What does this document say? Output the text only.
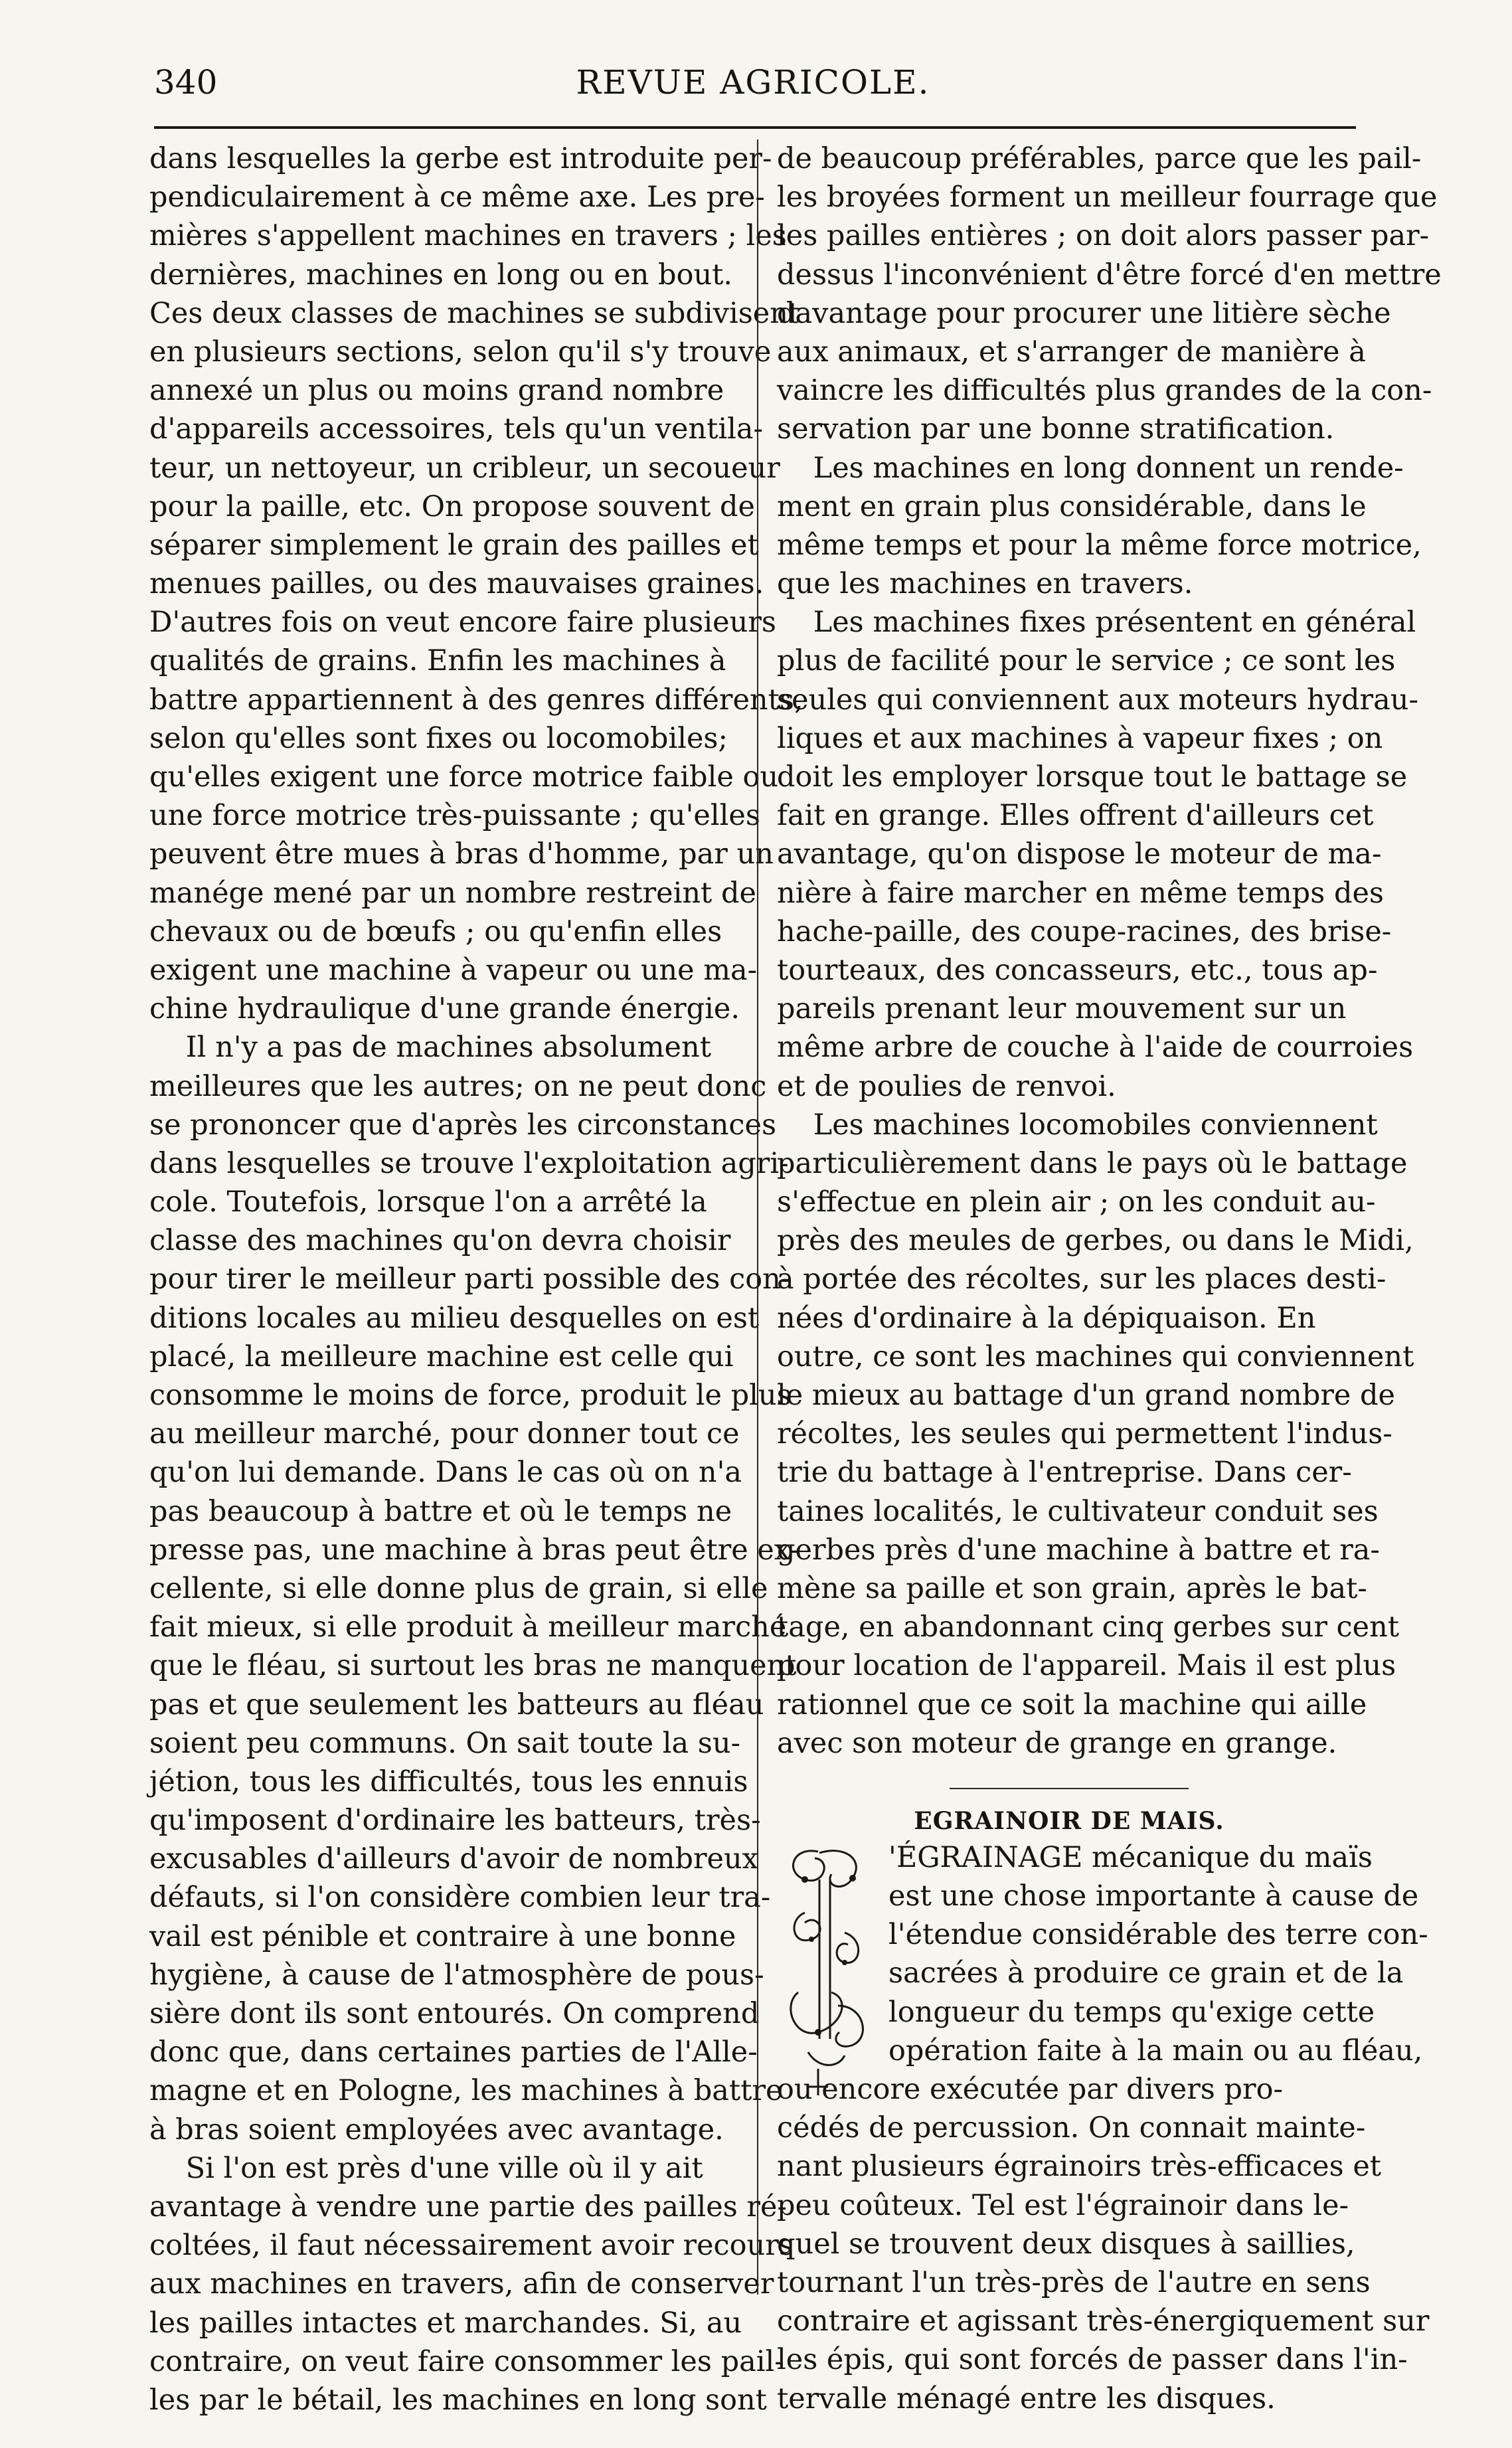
340	REVUE AGRICOLE.
dans lesquelles la gerbe est introduite per-
pendiculairement à ce même axe. Les pre-
mières s'appellent machines en travers ; les
dernières, machines en long ou en bout.
Ces deux classes de machines se subdivisent
en plusieurs sections, selon qu'il s'y trouve
annexé un plus ou moins grand nombre
d'appareils accessoires, tels qu'un ventila-
teur, un nettoyeur, un cribleur, un secoueur
pour la paille, etc. On propose souvent de
séparer simplement le grain des pailles et
menues pailles, ou des mauvaises graines.
D'autres fois on veut encore faire plusieurs
qualités de grains. Enfin les machines à
battre appartiennent à des genres différents,
selon qu'elles sont fixes ou locomobiles;
qu'elles exigent une force motrice faible ou
une force motrice très-puissante ; qu'elles
peuvent être mues à bras d'homme, par un
manége mené par un nombre restreint de
chevaux ou de bœufs ; ou qu'enfin elles
exigent une machine à vapeur ou une ma-
chine hydraulique d'une grande énergie.
Il n'y a pas de machines absolument
meilleures que les autres; on ne peut donc
se prononcer que d'après les circonstances
dans lesquelles se trouve l'exploitation agri-
cole. Toutefois, lorsque l'on a arrêté la
classe des machines qu'on devra choisir
pour tirer le meilleur parti possible des con-
ditions locales au milieu desquelles on est
placé, la meilleure machine est celle qui
consomme le moins de force, produit le plus
au meilleur marché, pour donner tout ce
qu'on lui demande. Dans le cas où on n'a
pas beaucoup à battre et où le temps ne
presse pas, une machine à bras peut être ex-
cellente, si elle donne plus de grain, si elle
fait mieux, si elle produit à meilleur marché
que le fléau, si surtout les bras ne manquent
pas et que seulement les batteurs au fléau
soient peu communs. On sait toute la su-
jétion, tous les difficultés, tous les ennuis
qu'imposent d'ordinaire les batteurs, très-
excusables d'ailleurs d'avoir de nombreux
défauts, si l'on considère combien leur tra-
vail est pénible et contraire à une bonne
hygiène, à cause de l'atmosphère de pous-
sière dont ils sont entourés. On comprend
donc que, dans certaines parties de l'Alle-
magne et en Pologne, les machines à battre
à bras soient employées avec avantage.
Si l'on est près d'une ville où il y ait
avantage à vendre une partie des pailles ré-
coltées, il faut nécessairement avoir recours
aux machines en travers, afin de conserver
les pailles intactes et marchandes. Si, au
contraire, on veut faire consommer les pail-
les par le bétail, les machines en long sont
de beaucoup préférables, parce que les pail-
les broyées forment un meilleur fourrage que
les pailles entières ; on doit alors passer par-
dessus l'inconvénient d'être forcé d'en mettre
davantage pour procurer une litière sèche
aux animaux, et s'arranger de manière à
vaincre les difficultés plus grandes de la con-
servation par une bonne stratification.
Les machines en long donnent un rende-
ment en grain plus considérable, dans le
même temps et pour la même force motrice,
que les machines en travers.
Les machines fixes présentent en général
plus de facilité pour le service ; ce sont les
seules qui conviennent aux moteurs hydrau-
liques et aux machines à vapeur fixes ; on
doit les employer lorsque tout le battage se
fait en grange. Elles offrent d'ailleurs cet
avantage, qu'on dispose le moteur de ma-
nière à faire marcher en même temps des
hache-paille, des coupe-racines, des brise-
tourteaux, des concasseurs, etc., tous ap-
pareils prenant leur mouvement sur un
même arbre de couche à l'aide de courroies
et de poulies de renvoi.
Les machines locomobiles conviennent
particulièrement dans le pays où le battage
s'effectue en plein air ; on les conduit au-
près des meules de gerbes, ou dans le Midi,
à portée des récoltes, sur les places desti-
nées d'ordinaire à la dépiquaison. En
outre, ce sont les machines qui conviennent
le mieux au battage d'un grand nombre de
récoltes, les seules qui permettent l'indus-
trie du battage à l'entreprise. Dans cer-
taines localités, le cultivateur conduit ses
gerbes près d'une machine à battre et ra-
mène sa paille et son grain, après le bat-
tage, en abandonnant cinq gerbes sur cent
pour location de l'appareil. Mais il est plus
rationnel que ce soit la machine qui aille
avec son moteur de grange en grange.
EGRAINOIR DE MAIS.
'ÉGRAINAGE mécanique du maïs
est une chose importante à cause de
l'étendue considérable des terre con-
sacrées à produire ce grain et de la
longueur du temps qu'exige cette
opération faite à la main ou au fléau,
ou encore exécutée par divers pro-
cédés de percussion. On connait mainte-
nant plusieurs égrainoirs très-efficaces et
peu coûteux. Tel est l'égrainoir dans le-
quel se trouvent deux disques à saillies,
tournant l'un très-près de l'autre en sens
contraire et agissant très-énergiquement sur
les épis, qui sont forcés de passer dans l'in-
tervalle ménagé entre les disques.
